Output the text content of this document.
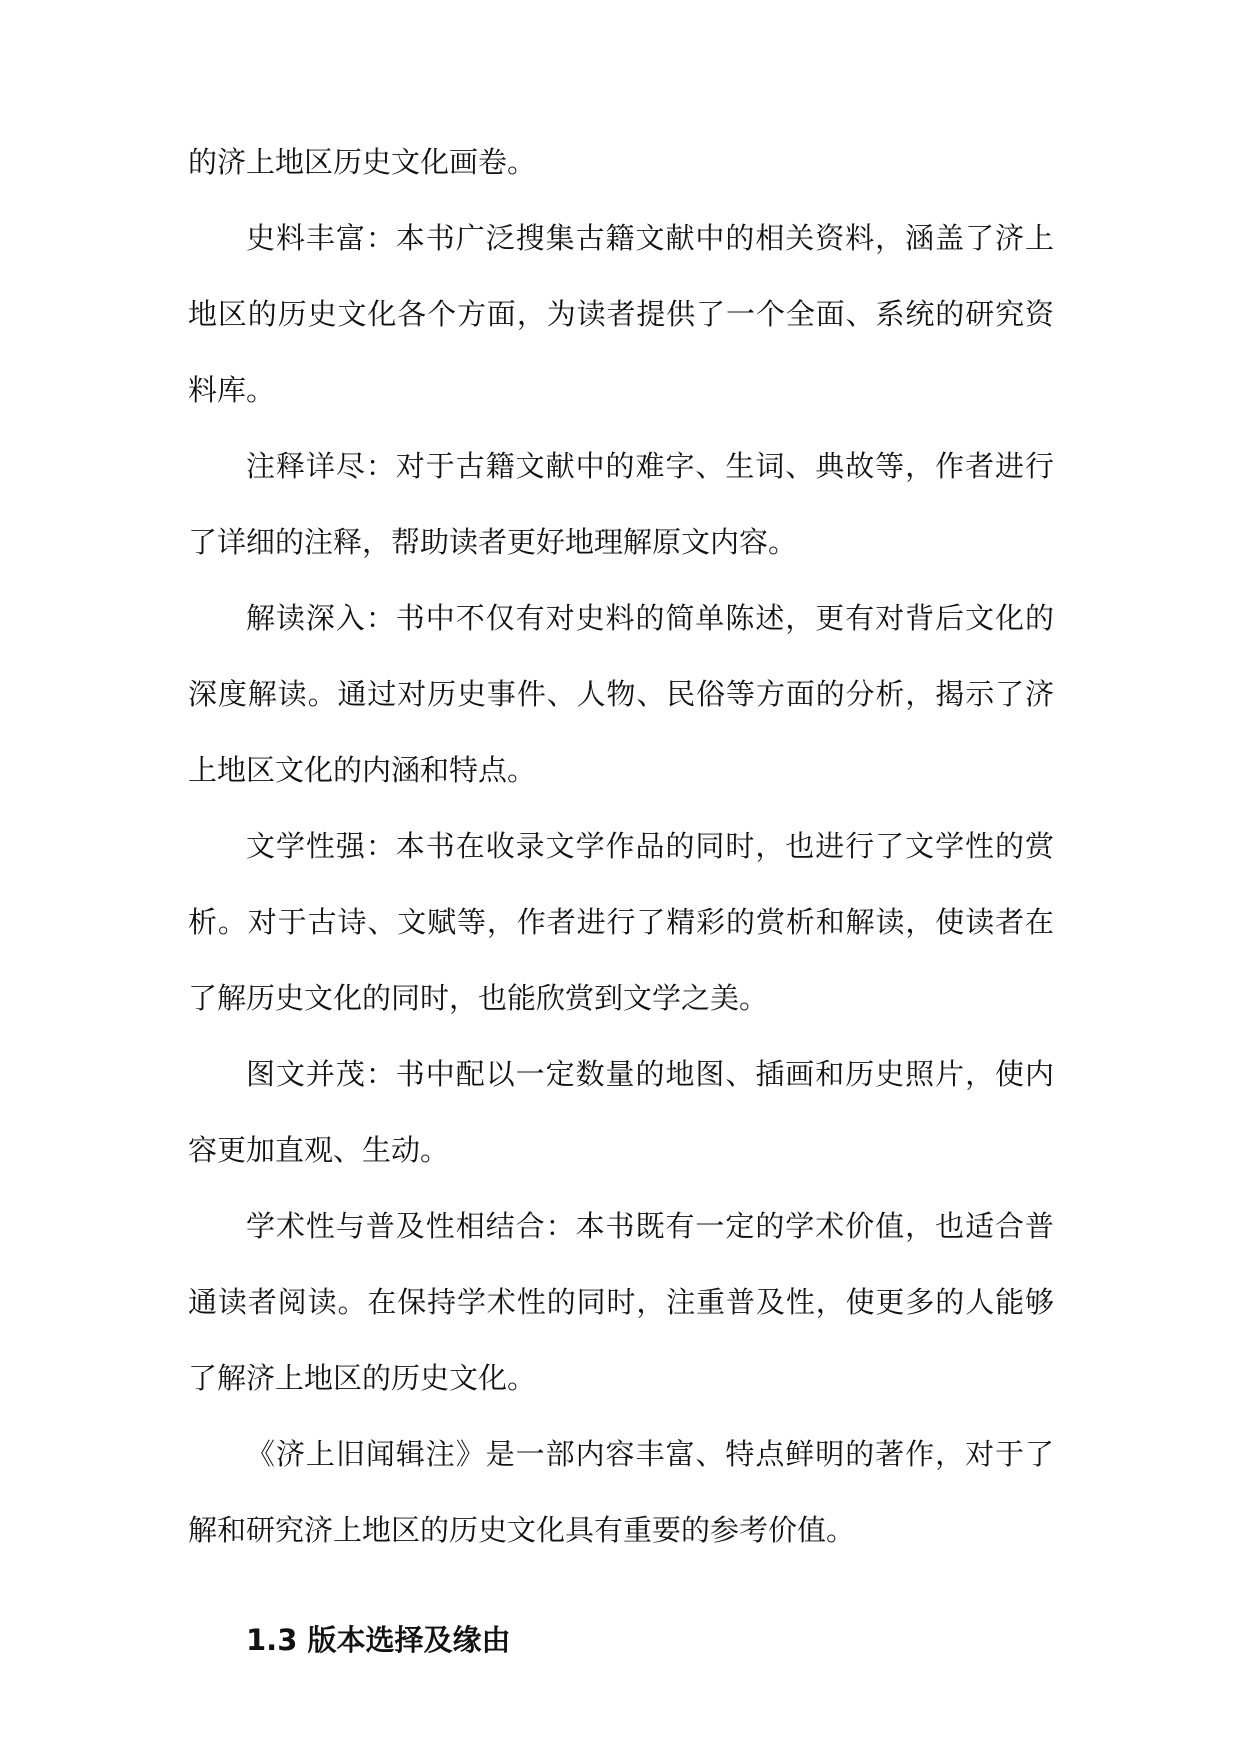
的济上地区历史文化画卷。

史料丰富：本书广泛搜集古籍文献中的相关资料，涵盖了济上地区的历史文化各个方面，为读者提供了一个全面、系统的研究资料库。

注释详尽：对于古籍文献中的难字、生词、典故等，作者进行了详细的注释，帮助读者更好地理解原文内容。

解读深入：书中不仅有对史料的简单陈述，更有对背后文化的深度解读。通过对历史事件、人物、民俗等方面的分析，揭示了济上地区文化的内涵和特点。

文学性强：本书在收录文学作品的同时，也进行了文学性的赏析。对于古诗、文赋等，作者进行了精彩的赏析和解读，使读者在了解历史文化的同时，也能欣赏到文学之美。

图文并茂：书中配以一定数量的地图、插画和历史照片，使内容更加直观、生动。

学术性与普及性相结合：本书既有一定的学术价值，也适合普通读者阅读。在保持学术性的同时，注重普及性，使更多的人能够了解济上地区的历史文化。

《济上旧闻辑注》是一部内容丰富、特点鲜明的著作，对于了解和研究济上地区的历史文化具有重要的参考价值。

1.3 版本选择及缘由
